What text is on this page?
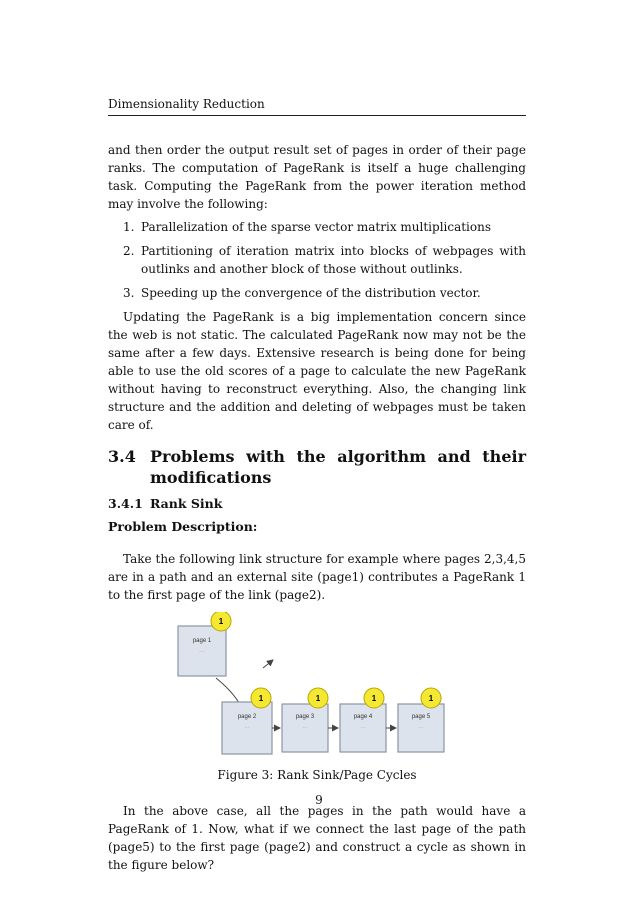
Dimensionality Reduction

and then order the output result set of pages in order of their page ranks. The computation of PageRank is itself a huge challenging task. Computing the PageRank from the power iteration method may involve the following:

1. Parallelization of the sparse vector matrix multiplications
2. Partitioning of iteration matrix into blocks of webpages with outlinks and another block of those without outlinks.
3. Speeding up the convergence of the distribution vector.

Updating the PageRank is a big implementation concern since the web is not static. The calculated PageRank now may not be the same after a few days. Extensive research is being done for being able to use the old scores of a page to calculate the new PageRank without having to reconstruct everything. Also, the changing link structure and the addition and deleting of webpages must be taken care of.

3.4 Problems with the algorithm and their modifications
3.4.1 Rank Sink
Problem Description:

Take the following link structure for example where pages 2,3,4,5 are in a path and an external site (page1) contributes a PageRank 1 to the first page of the link (page2).

page 1
....
1
page 2
...
1
page 3
...
1
page 4
...
1
page 5
...
1
Figure 3: Rank Sink/Page Cycles

In the above case, all the pages in the path would have a PageRank of 1. Now, what if we connect the last page of the path (page5) to the first page (page2) and construct a cycle as shown in the figure below?

9
